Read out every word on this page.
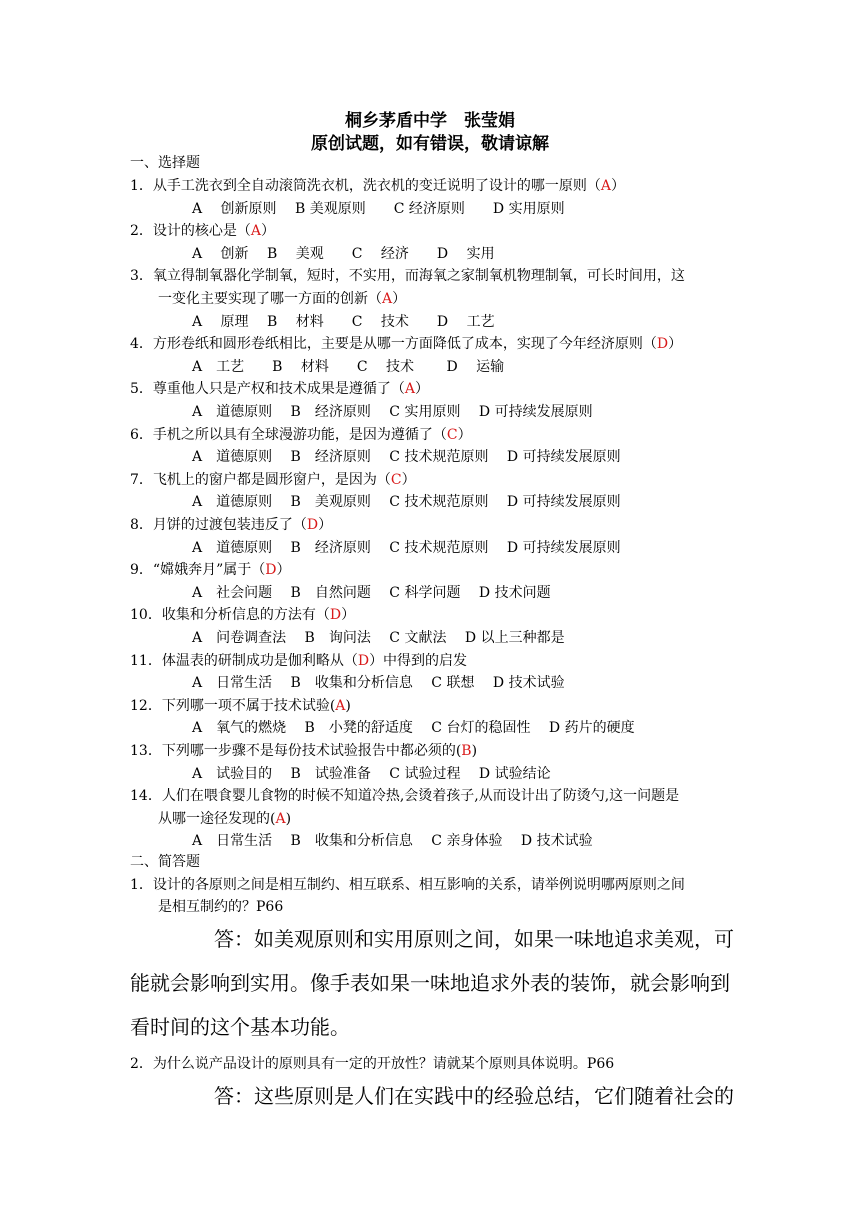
桐乡茅盾中学　张莹娟
原创试题，如有错误，敬请谅解
一、选择题
1．从手工洗衣到全自动滚筒洗衣机，洗衣机的变迁说明了设计的哪一原则（A）
A　 创新原则　 B 美观原则　　C 经济原则　　D 实用原则
2．设计的核心是（A）
A　 创新　 B　 美观　　C　 经济　　D　 实用
3．氧立得制氧器化学制氧，短时，不实用，而海氧之家制氧机物理制氧，可长时间用，这
一变化主要实现了哪一方面的创新（A）
A　 原理　 B　 材料　　C　 技术　　D　 工艺
4．方形卷纸和圆形卷纸相比，主要是从哪一方面降低了成本，实现了今年经济原则（D）
A　工艺　　B　 材料　　C　 技术　　 D　 运输
5．尊重他人只是产权和技术成果是遵循了（A）
A　道德原则　 B　经济原则　 C 实用原则　 D 可持续发展原则
6．手机之所以具有全球漫游功能，是因为遵循了（C）
A　道德原则　 B　经济原则　 C 技术规范原则　 D 可持续发展原则
7．飞机上的窗户都是圆形窗户，是因为（C）
A　道德原则　 B　美观原则　 C 技术规范原则　 D 可持续发展原则
8．月饼的过渡包装违反了（D）
A　道德原则　 B　经济原则　 C 技术规范原则　 D 可持续发展原则
9．“嫦娥奔月”属于（D）
A　社会问题　 B　自然问题　 C 科学问题　 D 技术问题
10．收集和分析信息的方法有（D）
A　问卷调查法　 B　询问法　 C 文献法　 D 以上三种都是
11．体温表的研制成功是伽利略从（D）中得到的启发
A　日常生活　 B　收集和分析信息　 C 联想　 D 技术试验
12．下列哪一项不属于技术试验(A)
A　氧气的燃烧　 B　小凳的舒适度　 C 台灯的稳固性　 D 药片的硬度
13．下列哪一步骤不是每份技术试验报告中都必须的(B)
A　试验目的　 B　试验准备　 C 试验过程　 D 试验结论
14．人们在喂食婴儿食物的时候不知道冷热,会烫着孩子,从而设计出了防烫勺,这一问题是
从哪一途径发现的(A)
A　日常生活　 B　收集和分析信息　 C 亲身体验　 D 技术试验
二、简答题
1．设计的各原则之间是相互制约、相互联系、相互影响的关系，请举例说明哪两原则之间
是相互制约的？P66
答：如美观原则和实用原则之间，如果一味地追求美观，可
能就会影响到实用。像手表如果一味地追求外表的装饰，就会影响到
看时间的这个基本功能。
2．为什么说产品设计的原则具有一定的开放性？请就某个原则具体说明。P66
答：这些原则是人们在实践中的经验总结，它们随着社会的
